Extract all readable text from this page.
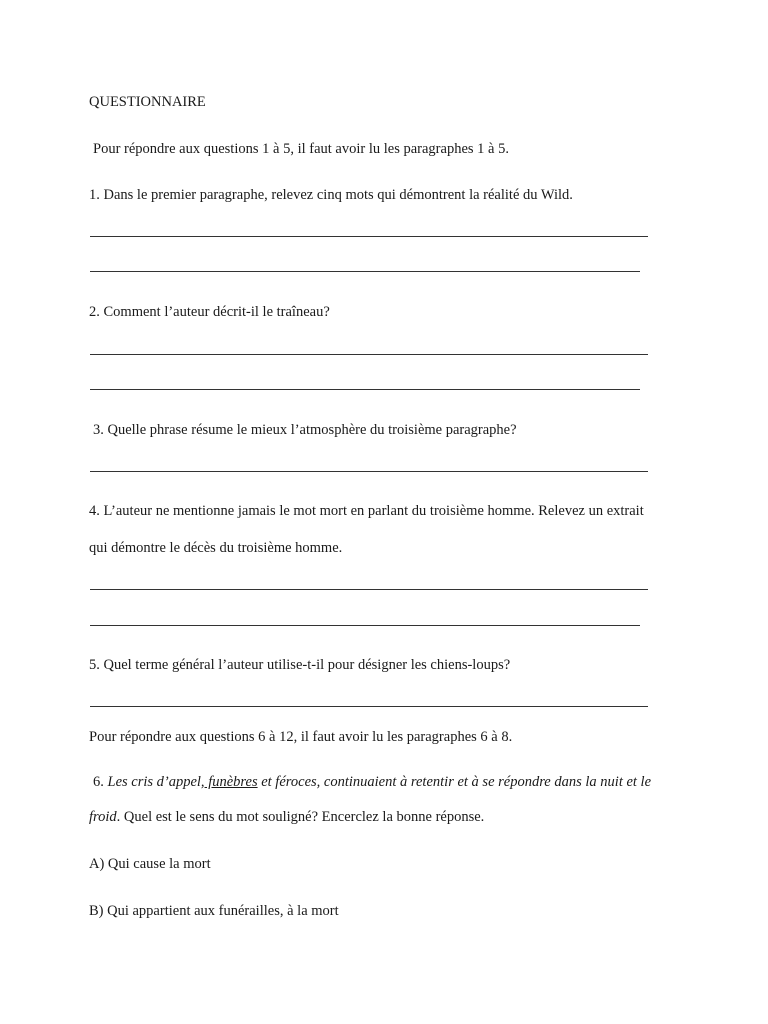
QUESTIONNAIRE
Pour répondre aux questions 1 à 5, il faut avoir lu les paragraphes 1 à 5.
1. Dans le premier paragraphe, relevez cinq mots qui démontrent la réalité du Wild.
2. Comment l’auteur décrit-il le traîneau?
3. Quelle phrase résume le mieux l’atmosphère du troisième paragraphe?
4. L’auteur ne mentionne jamais le mot mort en parlant du troisième homme. Relevez un extrait
qui démontre le décès du troisième homme.
5. Quel terme général l’auteur utilise-t-il pour désigner les chiens-loups?
Pour répondre aux questions 6 à 12, il faut avoir lu les paragraphes 6 à 8.
6. Les cris d’appel, funèbres et féroces, continuaient à retentir et à se répondre dans la nuit et le
froid. Quel est le sens du mot souligné? Encerclez la bonne réponse.
A) Qui cause la mort
B) Qui appartient aux funérailles, à la mort
